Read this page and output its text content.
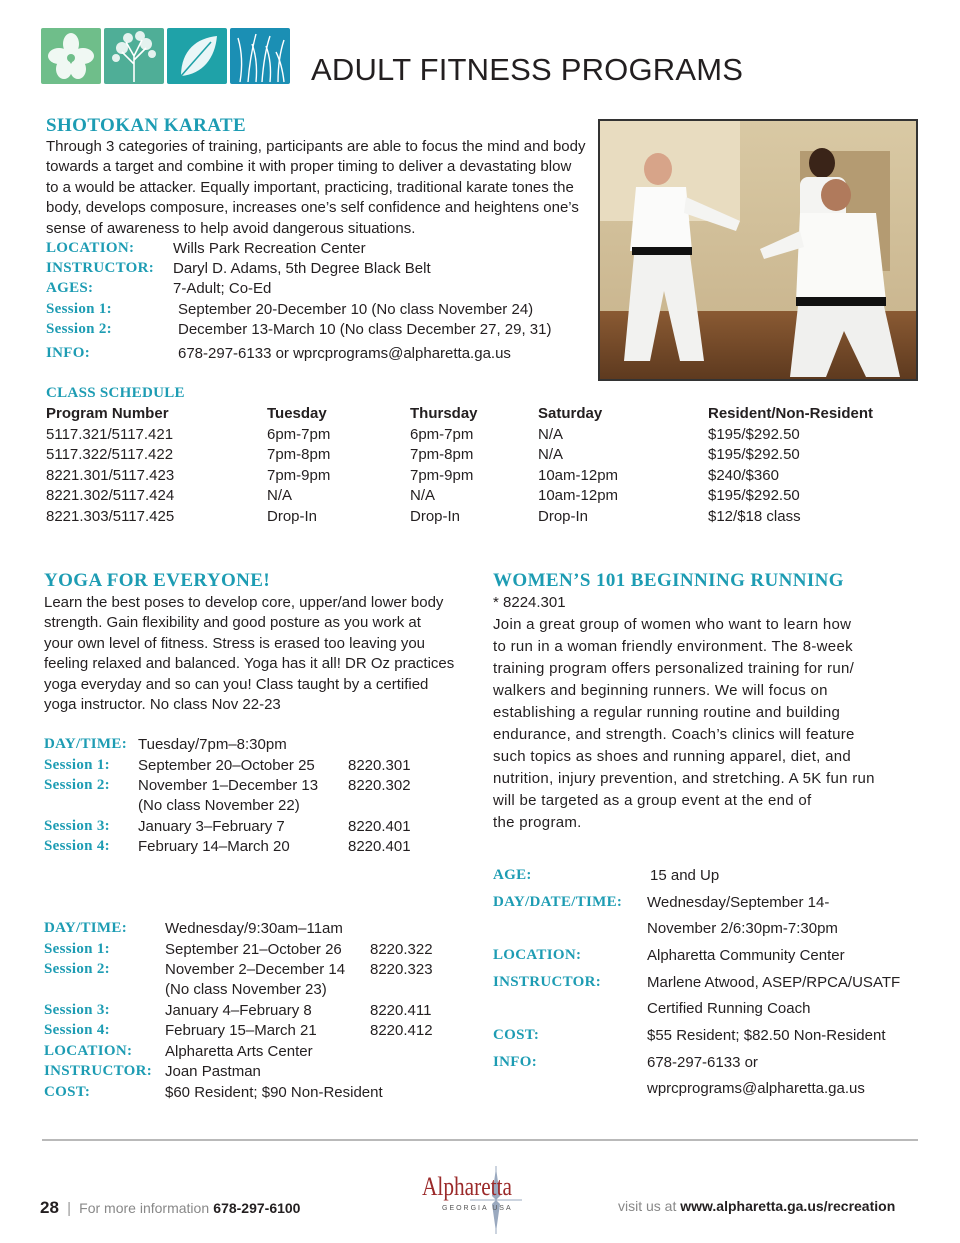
ADULT FITNESS PROGRAMS
SHOTOKAN KARATE
Through 3 categories of training, participants are able to focus the mind and body
towards a target and combine it with proper timing to deliver a devastating blow
to a would be attacker. Equally important, practicing, traditional karate tones the
body, develops composure, increases one’s self confidence and heightens one’s
sense of awareness to help avoid dangerous situations.
LOCATION:	Wills Park Recreation Center
INSTRUCTOR: Daryl D. Adams, 5th Degree Black Belt
AGES:	7-Adult; Co-Ed
Session 1:	September 20-December 10 (No class November 24)
Session 2:	December 13-March 10 (No class December 27, 29, 31)
INFO:	678-297-6133 or wprcprograms@alpharetta.ga.us
CLASS SCHEDULE
Program Number	Tuesday	Thursday	Saturday	Resident/Non-Resident
5117.321/5117.421	6pm-7pm	6pm-7pm	N/A	$195/$292.50
5117.322/5117.422	7pm-8pm	7pm-8pm	N/A	$195/$292.50
8221.301/5117.423	7pm-9pm	7pm-9pm	10am-12pm	$240/$360
8221.302/5117.424	N/A	N/A	10am-12pm	$195/$292.50
8221.303/5117.425	Drop-In	Drop-In	Drop-In	$12/$18 class
YOGA FOR EVERYONE!
Learn the best poses to develop core, upper/and lower body
strength. Gain flexibility and good posture as you work at
your own level of fitness. Stress is erased too leaving you
feeling relaxed and balanced. Yoga has it all! DR Oz practices
yoga everyday and so can you! Class taught by a certified
yoga instructor. No class Nov 22-23
DAY/TIME: Tuesday/7pm–8:30pm
Session 1: September 20–October 25 8220.301
Session 2: November 1–December 13 8220.302
(No class November 22)
Session 3: January 3–February 7	8220.401
Session 4: February 14–March 20	8220.401
DAY/TIME:	Wednesday/9:30am–11am
Session 1:	September 21–October 26 8220.322
Session 2:	November 2–December 14 8220.323
(No class November 23)
Session 3:	January 4–February 8	8220.411
Session 4:	February 15–March 21	8220.412
LOCATION: Alpharetta Arts Center
INSTRUCTOR: Joan Pastman
COST:	$60 Resident; $90 Non-Resident
WOMEN’S 101 BEGINNING RUNNING
* 8224.301
Join a great group of women who want to learn how
to run in a woman friendly environment. The 8-week
training program offers personalized training for run/
walkers and beginning runners. We will focus on
establishing a regular running routine and building
endurance, and strength. Coach’s clinics will feature
such topics as shoes and running apparel, diet, and
nutrition, injury prevention, and stretching. A 5K fun run
will be targeted as a group event at the end of
the program.
AGE:	15 and Up
DAY/DATE/TIME: Wednesday/September 14-
November 2/6:30pm-7:30pm
LOCATION:	Alpharetta Community Center
INSTRUCTOR:	Marlene Atwood, ASEP/RPCA/USATF
Certified Running Coach
COST:	$55 Resident; $82.50 Non-Resident
INFO:	678-297-6133 or
wprcprograms@alpharetta.ga.us
28 | For more information 678-297-6100
Alpharetta
GEORGIA USA	visit us at www.alpharetta.ga.us/recreation
